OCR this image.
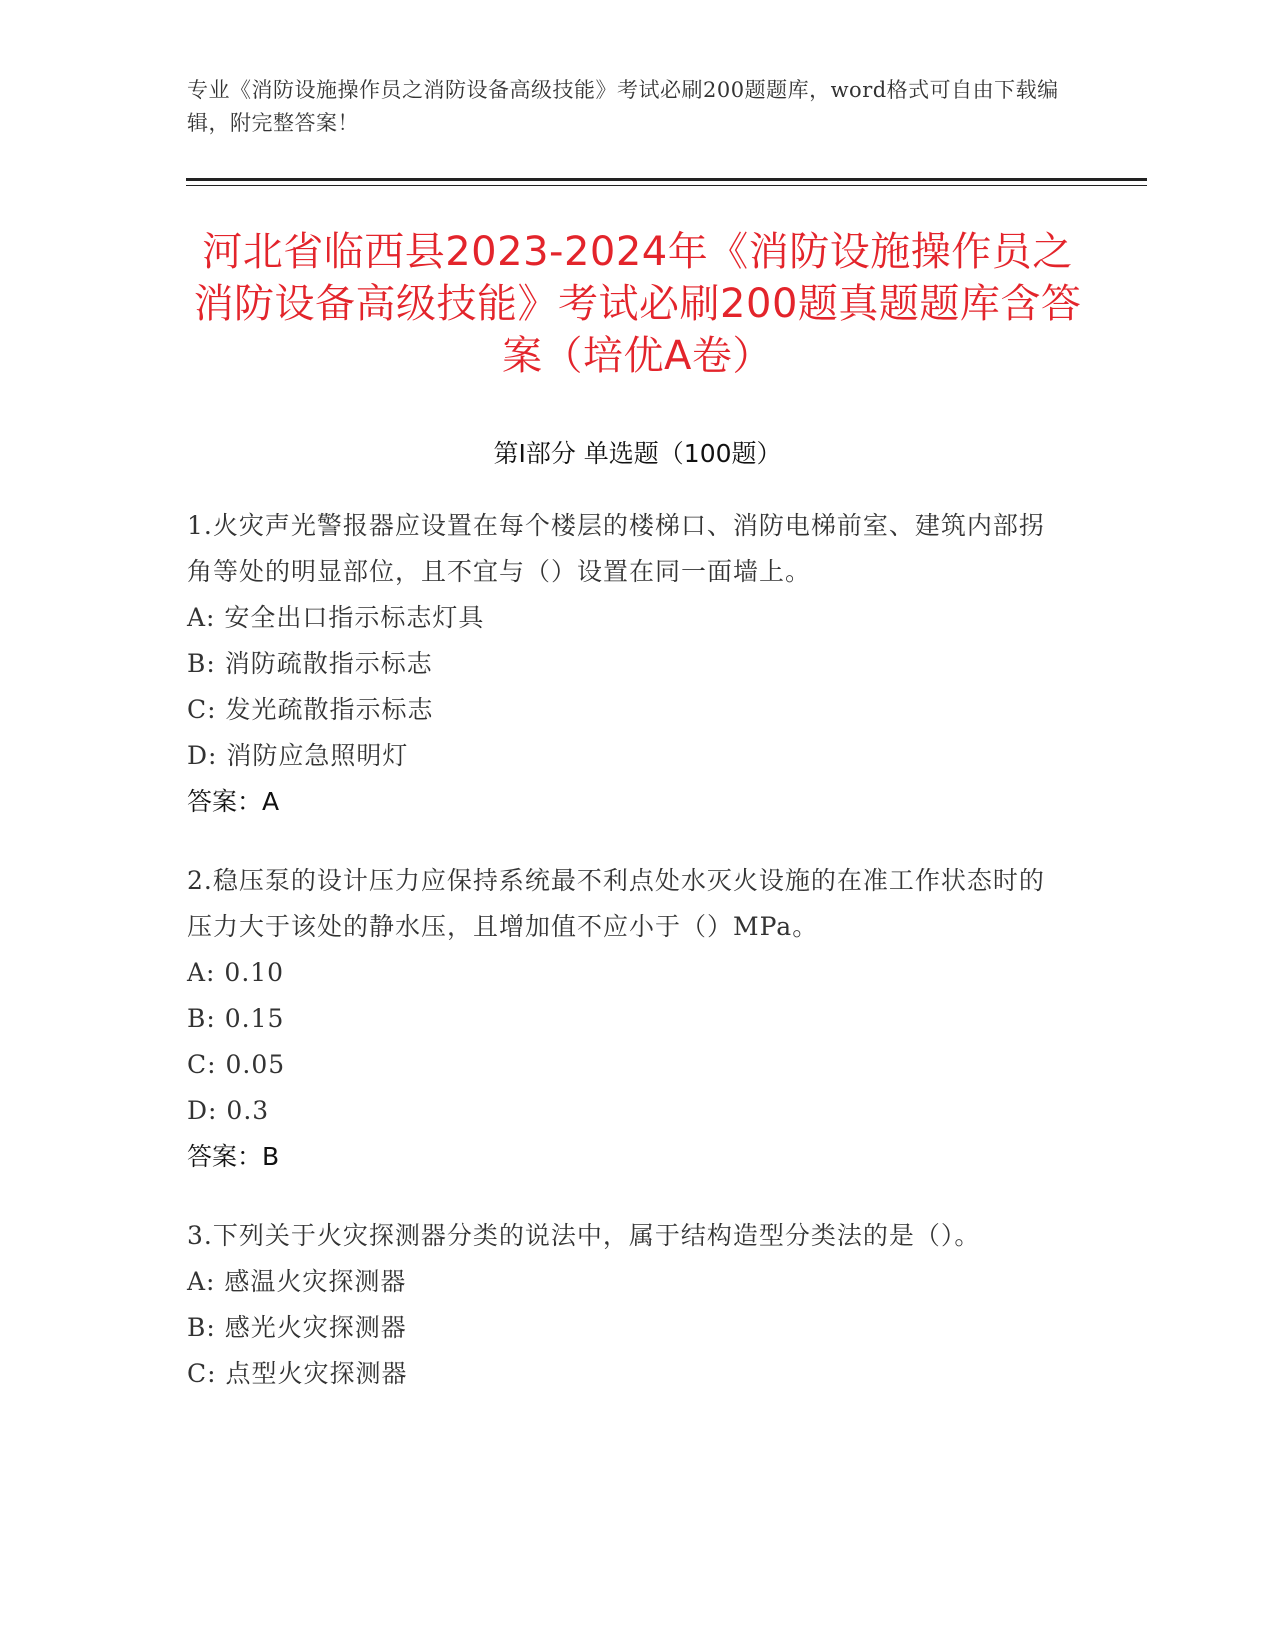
专业《消防设施操作员之消防设备高级技能》考试必刷200题题库，word格式可自由下载编辑，附完整答案！
河北省临西县2023-2024年《消防设施操作员之消防设备高级技能》考试必刷200题真题题库含答案（培优A卷）
第I部分 单选题（100题）

1.火灾声光警报器应设置在每个楼层的楼梯口、消防电梯前室、建筑内部拐角等处的明显部位，且不宜与（）设置在同一面墙上。

A: 安全出口指示标志灯具

B: 消防疏散指示标志

C: 发光疏散指示标志

D: 消防应急照明灯

答案：A

2.稳压泵的设计压力应保持系统最不利点处水灭火设施的在准工作状态时的压力大于该处的静水压，且增加值不应小于（）MPa。

A: 0.10

B: 0.15

C: 0.05

D: 0.3

答案：B

3.下列关于火灾探测器分类的说法中，属于结构造型分类法的是（）。

A: 感温火灾探测器

B: 感光火灾探测器

C: 点型火灾探测器
